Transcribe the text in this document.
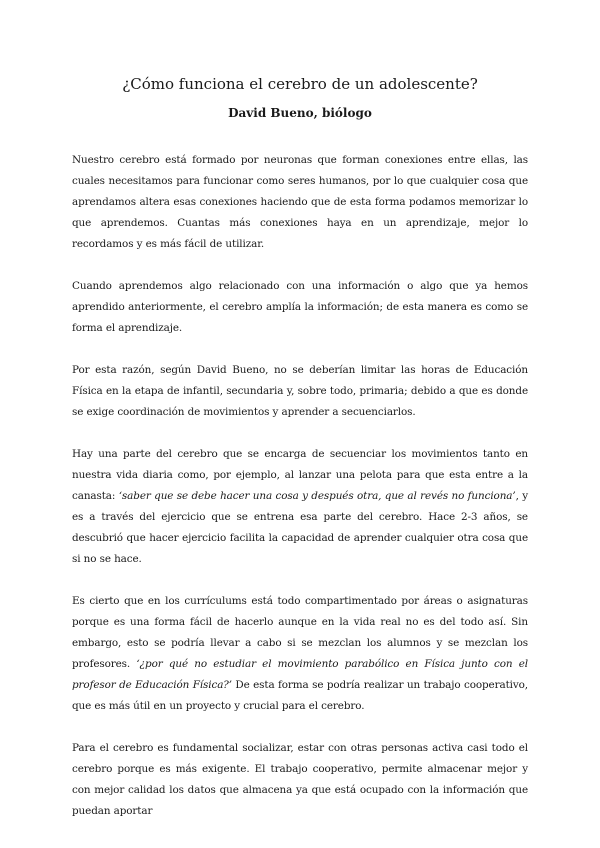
¿Cómo funciona el cerebro de un adolescente?
David Bueno, biólogo

Nuestro cerebro está formado por neuronas que forman conexiones entre ellas, las cuales necesitamos para funcionar como seres humanos, por lo que cualquier cosa que aprendamos altera esas conexiones haciendo que de esta forma podamos memorizar lo que aprendemos. Cuantas más conexiones haya en un aprendizaje, mejor lo recordamos y es más fácil de utilizar.

Cuando aprendemos algo relacionado con una información o algo que ya hemos aprendido anteriormente, el cerebro amplía la información; de esta manera es como se forma el aprendizaje.

Por esta razón, según David Bueno, no se deberían limitar las horas de Educación Física en la etapa de infantil, secundaria y, sobre todo, primaria; debido a que es donde se exige coordinación de movimientos y aprender a secuenciarlos.

Hay una parte del cerebro que se encarga de secuenciar los movimientos tanto en nuestra vida diaria como, por ejemplo, al lanzar una pelota para que esta entre a la canasta: ‘saber que se debe hacer una cosa y después otra, que al revés no funciona’, y es a través del ejercicio que se entrena esa parte del cerebro. Hace 2-3 años, se descubrió que hacer ejercicio facilita la capacidad de aprender cualquier otra cosa que si no se hace.

Es cierto que en los currículums está todo compartimentado por áreas o asignaturas porque es una forma fácil de hacerlo aunque en la vida real no es del todo así. Sin embargo, esto se podría llevar a cabo si se mezclan los alumnos y se mezclan los profesores. ‘¿por qué no estudiar el movimiento parabólico en Física junto con el profesor de Educación Física?’ De esta forma se podría realizar un trabajo cooperativo, que es más útil en un proyecto y crucial para el cerebro.

Para el cerebro es fundamental socializar, estar con otras personas activa casi todo el cerebro porque es más exigente. El trabajo cooperativo, permite almacenar mejor y con mejor calidad los datos que almacena ya que está ocupado con la información que puedan aportar
